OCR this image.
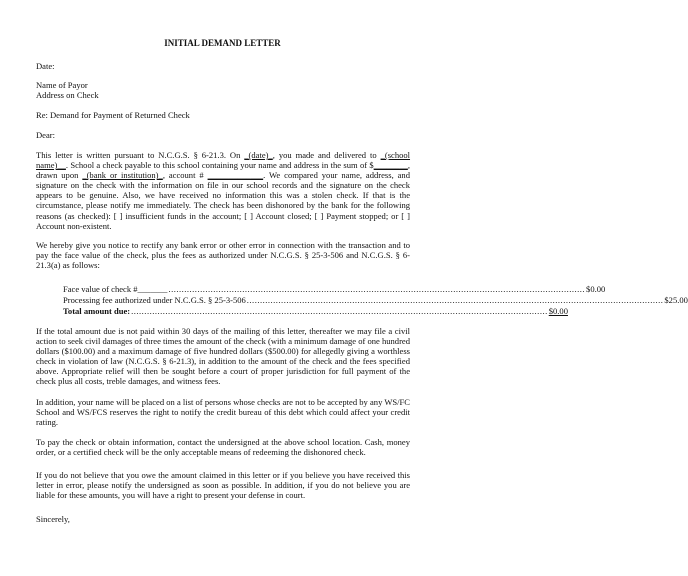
INITIAL DEMAND LETTER
Date:
Name of Payor
Address on Check
Re: Demand for Payment of Returned Check
Dear:
This letter is written pursuant to N.C.G.S. § 6-21.3. On _(date)_, you made and delivered to _(school name)__. School a check payable to this school containing your name and address in the sum of $________, drawn upon _(bank or institution)_, account # _____________. We compared your name, address, and signature on the check with the information on file in our school records and the signature on the check appears to be genuine. Also, we have received no information this was a stolen check. If that is the circumstance, please notify me immediately. The check has been dishonored by the bank for the following reasons (as checked): [ ] insufficient funds in the account; [ ] Account closed; [ ] Payment stopped; or [ ] Account non-existent.
We hereby give you notice to rectify any bank error or other error in connection with the transaction and to pay the face value of the check, plus the fees as authorized under N.C.G.S. § 25-3-506 and N.C.G.S. § 6-21.3(a) as follows:
Face value of check #_______ .............................................................................................................................................................. $0.00
Processing fee authorized under N.C.G.S. § 25-3-506 .............................................................................................................................................................. $25.00
Total amount due: .............................................................................................................................................................. $0.00
If the total amount due is not paid within 30 days of the mailing of this letter, thereafter we may file a civil action to seek civil damages of three times the amount of the check (with a minimum damage of one hundred dollars ($100.00) and a maximum damage of five hundred dollars ($500.00) for allegedly giving a worthless check in violation of law (N.C.G.S. § 6-21.3), in addition to the amount of the check and the fees specified above. Appropriate relief will then be sought before a court of proper jurisdiction for full payment of the check plus all costs, treble damages, and witness fees.
In addition, your name will be placed on a list of persons whose checks are not to be accepted by any WS/FC School and WS/FCS reserves the right to notify the credit bureau of this debt which could affect your credit rating.
To pay the check or obtain information, contact the undersigned at the above school location. Cash, money order, or a certified check will be the only acceptable means of redeeming the dishonored check.
If you do not believe that you owe the amount claimed in this letter or if you believe you have received this letter in error, please notify the undersigned as soon as possible. In addition, if you do not believe you are liable for these amounts, you will have a right to present your defense in court.
Sincerely,
